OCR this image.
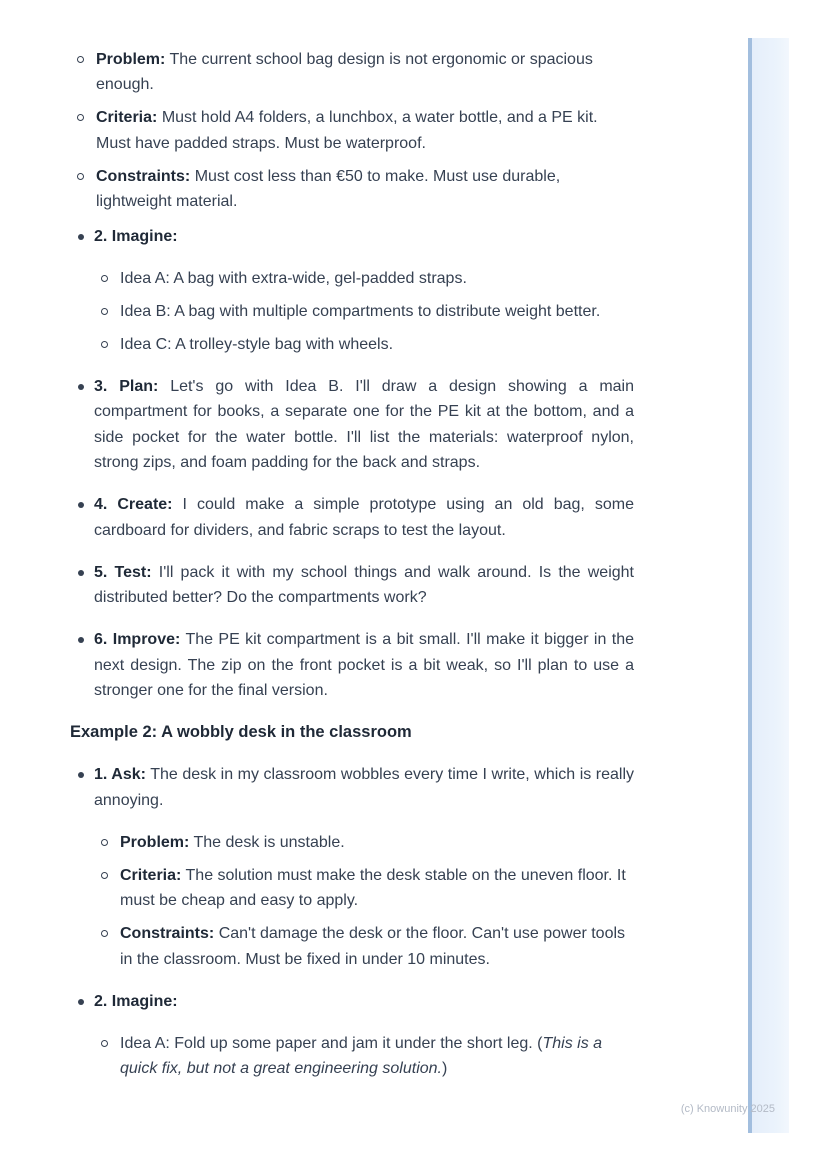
Problem: The current school bag design is not ergonomic or spacious enough.
Criteria: Must hold A4 folders, a lunchbox, a water bottle, and a PE kit. Must have padded straps. Must be waterproof.
Constraints: Must cost less than €50 to make. Must use durable, lightweight material.
2. Imagine:
Idea A: A bag with extra-wide, gel-padded straps.
Idea B: A bag with multiple compartments to distribute weight better.
Idea C: A trolley-style bag with wheels.
3. Plan: Let's go with Idea B. I'll draw a design showing a main compartment for books, a separate one for the PE kit at the bottom, and a side pocket for the water bottle. I'll list the materials: waterproof nylon, strong zips, and foam padding for the back and straps.
4. Create: I could make a simple prototype using an old bag, some cardboard for dividers, and fabric scraps to test the layout.
5. Test: I'll pack it with my school things and walk around. Is the weight distributed better? Do the compartments work?
6. Improve: The PE kit compartment is a bit small. I'll make it bigger in the next design. The zip on the front pocket is a bit weak, so I'll plan to use a stronger one for the final version.
Example 2: A wobbly desk in the classroom
1. Ask: The desk in my classroom wobbles every time I write, which is really annoying.
Problem: The desk is unstable.
Criteria: The solution must make the desk stable on the uneven floor. It must be cheap and easy to apply.
Constraints: Can't damage the desk or the floor. Can't use power tools in the classroom. Must be fixed in under 10 minutes.
2. Imagine:
Idea A: Fold up some paper and jam it under the short leg. (This is a quick fix, but not a great engineering solution.)
(c) Knowunity 2025
